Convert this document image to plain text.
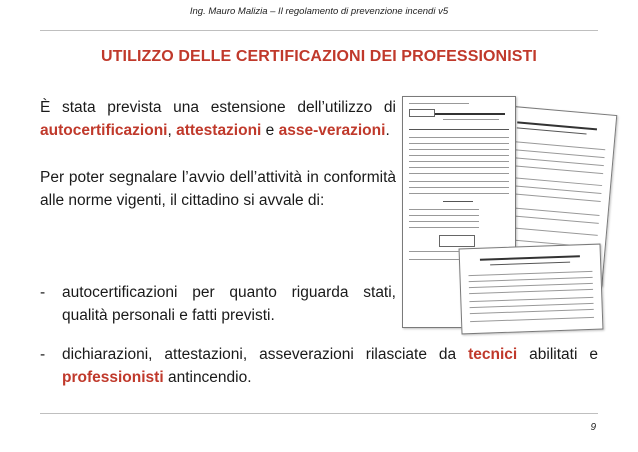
Ing. Mauro Malizia – Il regolamento di prevenzione incendi v5
UTILIZZO DELLE CERTIFICAZIONI DEI PROFESSIONISTI
È stata prevista una estensione dell’utilizzo di autocertificazioni, attestazioni e asse-verazioni.
Per poter segnalare l’avvio dell’attività in conformità alle norme vigenti, il cittadino si avvale di:
-	autocertificazioni per quanto riguarda stati, qualità personali e fatti previsti.
-	dichiarazioni, attestazioni, asseverazioni rilasciate da tecnici abilitati e professionisti antincendio.
9
